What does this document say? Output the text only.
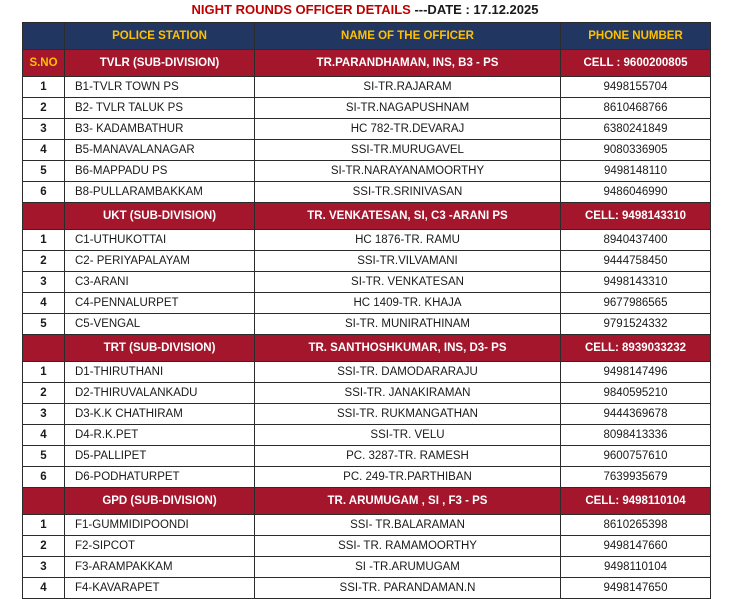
NIGHT ROUNDS OFFICER DETAILS ---DATE : 17.12.2025
	POLICE STATION	NAME OF THE OFFICER	PHONE NUMBER
S.NO	TVLR (SUB-DIVISION)	TR.PARANDHAMAN, INS, B3 - PS	CELL : 9600200805
1	B1-TVLR TOWN PS	SI-TR.RAJARAM	9498155704
2	B2- TVLR TALUK PS	SI-TR.NAGAPUSHNAM	8610468766
3	B3- KADAMBATHUR	HC 782-TR.DEVARAJ	6380241849
4	B5-MANAVALANAGAR	SSI-TR.MURUGAVEL	9080336905
5	B6-MAPPADU PS	SI-TR.NARAYANAMOORTHY	9498148110
6	B8-PULLARAMBAKKAM	SSI-TR.SRINIVASAN	9486046990
	UKT (SUB-DIVISION)	TR. VENKATESAN, SI, C3 -ARANI PS	CELL: 9498143310
1	C1-UTHUKOTTAI	HC 1876-TR. RAMU	8940437400
2	C2- PERIYAPALAYAM	SSI-TR.VILVAMANI	9444758450
3	C3-ARANI	SI-TR. VENKATESAN	9498143310
4	C4-PENNALURPET	HC 1409-TR. KHAJA	9677986565
5	C5-VENGAL	SI-TR. MUNIRATHINAM	9791524332
	TRT (SUB-DIVISION)	TR. SANTHOSHKUMAR, INS, D3- PS	CELL: 8939033232
1	D1-THIRUTHANI	SSI-TR. DAMODARARAJU	9498147496
2	D2-THIRUVALANKADU	SSI-TR. JANAKIRAMAN	9840595210
3	D3-K.K CHATHIRAM	SSI-TR. RUKMANGATHAN	9444369678
4	D4-R.K.PET	SSI-TR. VELU	8098413336
5	D5-PALLIPET	PC. 3287-TR. RAMESH	9600757610
6	D6-PODHATURPET	PC. 249-TR.PARTHIBAN	7639935679
	GPD (SUB-DIVISION)	TR. ARUMUGAM , SI , F3 - PS	CELL: 9498110104
1	F1-GUMMIDIPOONDI	SSI- TR.BALARAMAN	8610265398
2	F2-SIPCOT	SSI- TR. RAMAMOORTHY	9498147660
3	F3-ARAMPAKKAM	SI -TR.ARUMUGAM	9498110104
4	F4-KAVARAPET	SSI-TR. PARANDAMAN.N	9498147650
